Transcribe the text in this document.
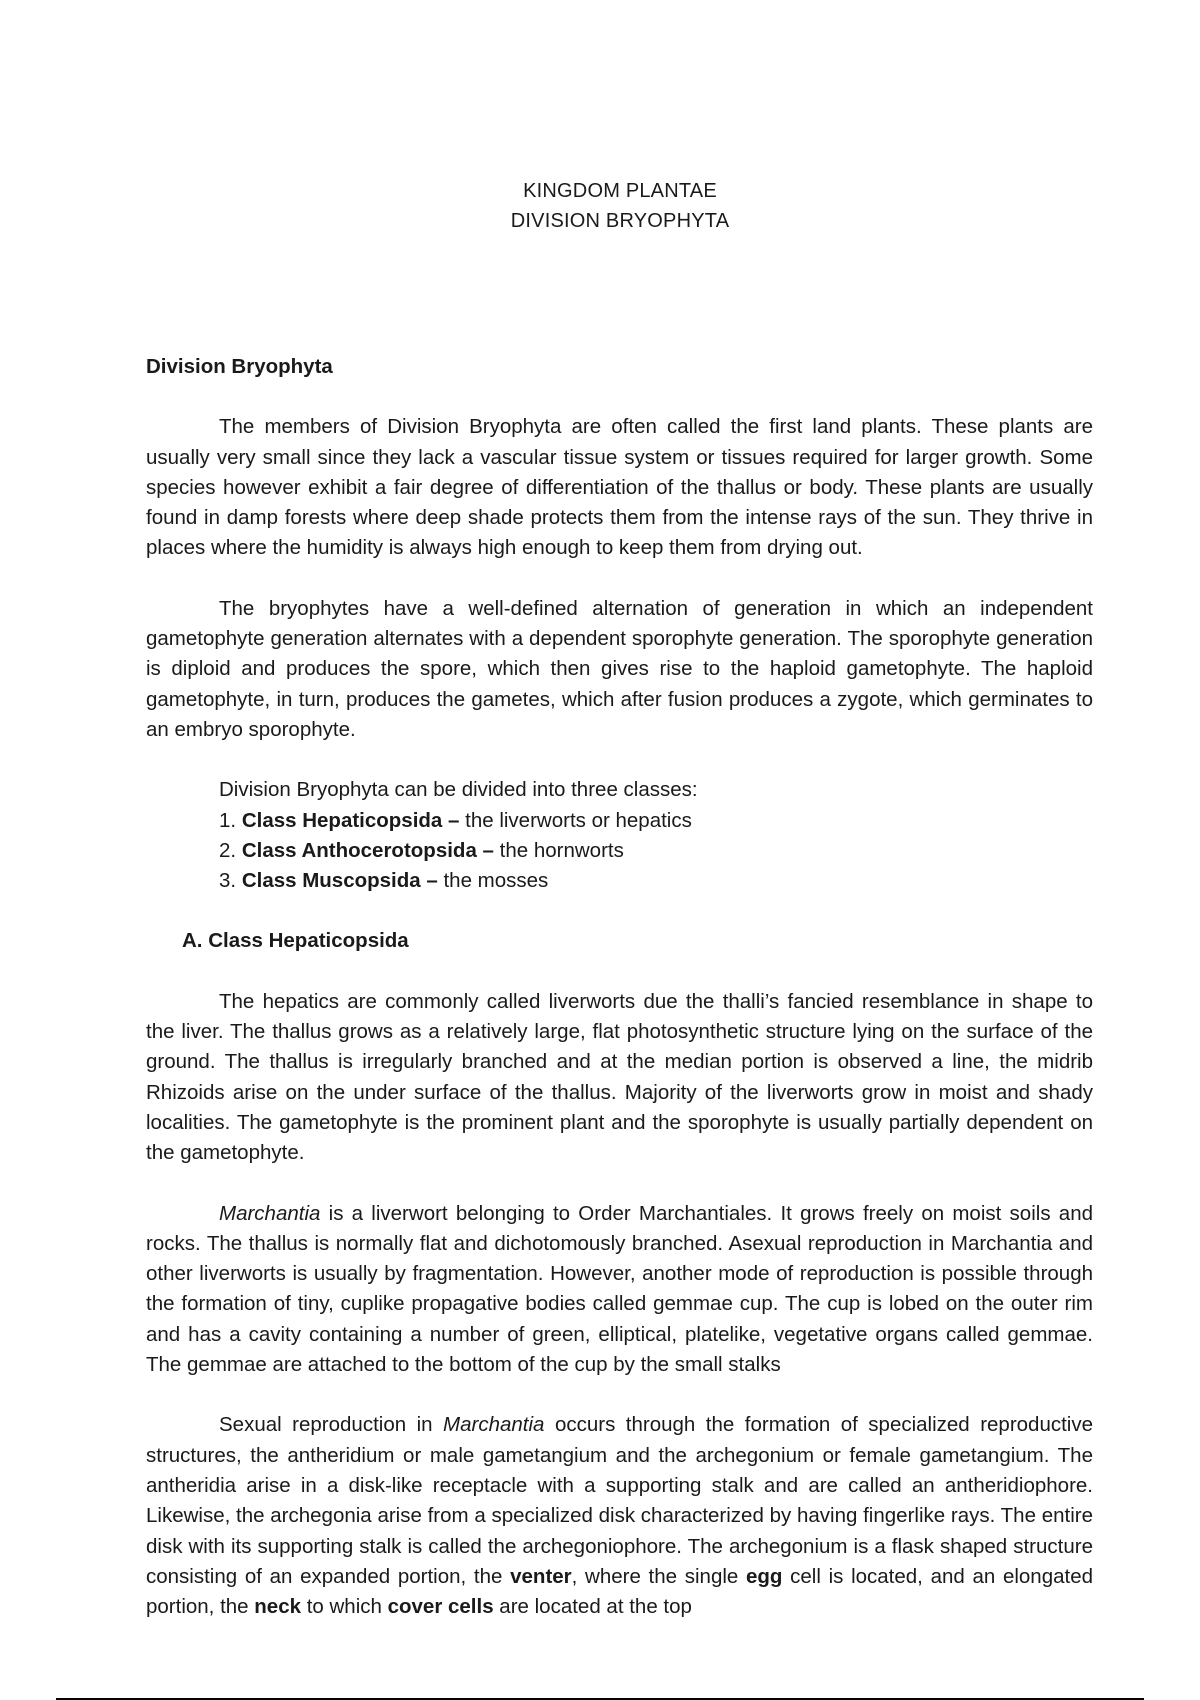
KINGDOM PLANTAE
DIVISION BRYOPHYTA

Division Bryophyta

The members of Division Bryophyta are often called the first land plants. These plants are usually very small since they lack a vascular tissue system or tissues required for larger growth. Some species however exhibit a fair degree of differentiation of the thallus or body. These plants are usually found in damp forests where deep shade protects them from the intense rays of the sun. They thrive in places where the humidity is always high enough to keep them from drying out.

The bryophytes have a well-defined alternation of generation in which an independent gametophyte generation alternates with a dependent sporophyte generation. The sporophyte generation is diploid and produces the spore, which then gives rise to the haploid gametophyte. The haploid gametophyte, in turn, produces the gametes, which after fusion produces a zygote, which germinates to an embryo sporophyte.

Division Bryophyta can be divided into three classes:

1. Class Hepaticopsida – the liverworts or hepatics
2. Class Anthocerotopsida – the hornworts
3. Class Muscopsida – the mosses

A. Class Hepaticopsida

The hepatics are commonly called liverworts due the thalli’s fancied resemblance in shape to the liver. The thallus grows as a relatively large, flat photosynthetic structure lying on the surface of the ground. The thallus is irregularly branched and at the median portion is observed a line, the midrib Rhizoids arise on the under surface of the thallus. Majority of the liverworts grow in moist and shady localities. The gametophyte is the prominent plant and the sporophyte is usually partially dependent on the gametophyte.

Marchantia is a liverwort belonging to Order Marchantiales. It grows freely on moist soils and rocks. The thallus is normally flat and dichotomously branched. Asexual reproduction in Marchantia and other liverworts is usually by fragmentation. However, another mode of reproduction is possible through the formation of tiny, cuplike propagative bodies called gemmae cup. The cup is lobed on the outer rim and has a cavity containing a number of green, elliptical, platelike, vegetative organs called gemmae. The gemmae are attached to the bottom of the cup by the small stalks

Sexual reproduction in Marchantia occurs through the formation of specialized reproductive structures, the antheridium or male gametangium and the archegonium or female gametangium. The antheridia arise in a disk-like receptacle with a supporting stalk and are called an antheridiophore. Likewise, the archegonia arise from a specialized disk characterized by having fingerlike rays. The entire disk with its supporting stalk is called the archegoniophore. The archegonium is a flask shaped structure consisting of an expanded portion, the venter, where the single egg cell is located, and an elongated portion, the neck to which cover cells are located at the top
